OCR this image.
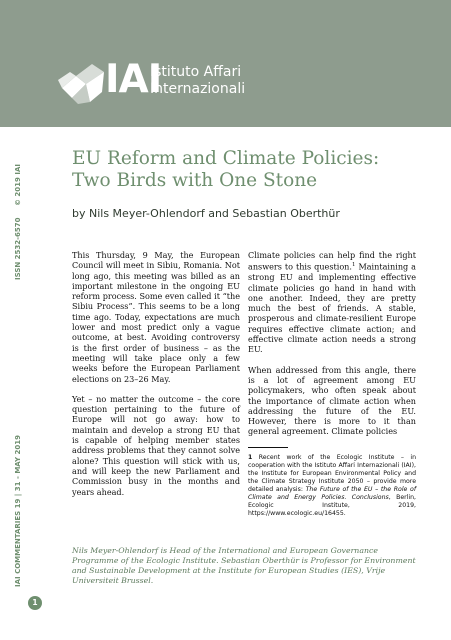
IAI
Istituto Affari
Internazionali
© 2019 IAI
ISSN 2532-6570
IAI COMMENTARIES 19 | 31 - MAY 2019
EU Reform and Climate Policies:
Two Birds with One Stone
by Nils Meyer-Ohlendorf and Sebastian Oberthür

This Thursday, 9 May, the European Council will meet in Sibiu, Romania. Not long ago, this meeting was billed as an important milestone in the ongoing EU reform process. Some even called it “the Sibiu Process”. This seems to be a long time ago. Today, expectations are much lower and most predict only a vague outcome, at best. Avoiding controversy is the first order of business – as the meeting will take place only a few weeks before the European Parliament elections on 23–26 May.

Yet – no matter the outcome – the core question pertaining to the future of Europe will not go away: how to maintain and develop a strong EU that is capable of helping member states address problems that they cannot solve alone? This question will stick with us, and will keep the new Parliament and Commission busy in the months and years ahead.

Climate policies can help find the right answers to this question.$^1$ Maintaining a strong EU and implementing effective climate policies go hand in hand with one another. Indeed, they are pretty much the best of friends. A stable, prosperous and climate-resilient Europe requires effective climate action; and effective climate action needs a strong EU.

When addressed from this angle, there is a lot of agreement among EU policymakers, who often speak about the importance of climate action when addressing the future of the EU. However, there is more to it than general agreement. Climate policies

1 Recent work of the Ecologic Institute – in cooperation with the Istituto Affari Internazionali (IAI), the Institute for European Environmental Policy and the Climate Strategy Institute 2050 – provide more detailed analysis: The Future of the EU – the Role of Climate and Energy Policies. Conclusions, Berlin, Ecologic Institute, 2019, https://www.ecologic.eu/16455.
Nils Meyer-Ohlendorf is Head of the International and European Governance Programme of the Ecologic Institute. Sebastian Oberthür is Professor for Environment and Sustainable Development at the Institute for European Studies (IES), Vrije Universiteit Brussel.
1
